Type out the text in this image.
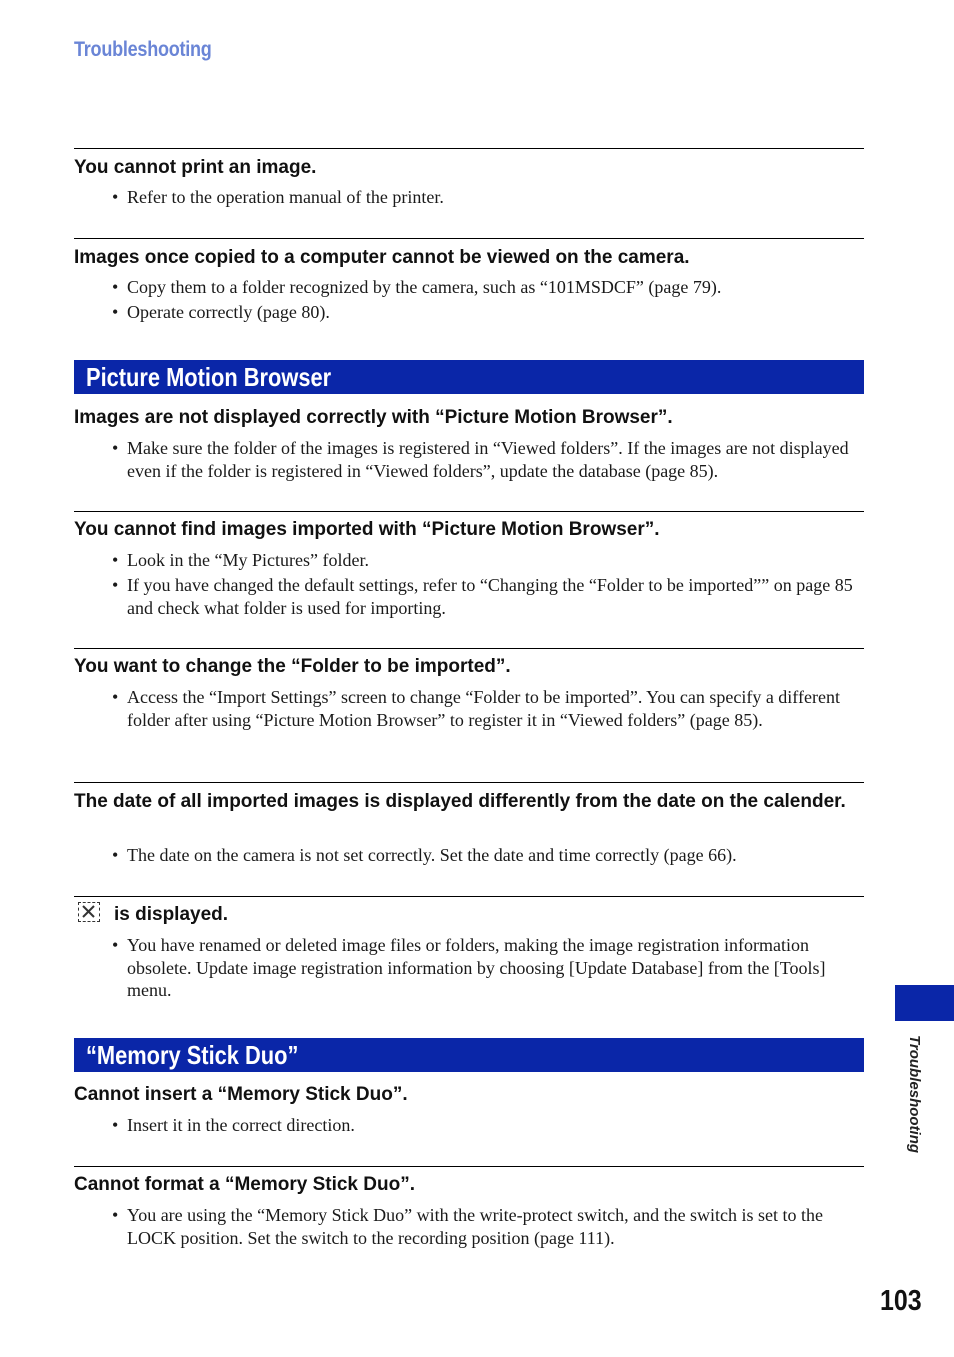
Troubleshooting
You cannot print an image.
• Refer to the operation manual of the printer.
Images once copied to a computer cannot be viewed on the camera.
• Copy them to a folder recognized by the camera, such as “101MSDCF” (page 79).
• Operate correctly (page 80).
Picture Motion Browser
Images are not displayed correctly with “Picture Motion Browser”.
• Make sure the folder of the images is registered in “Viewed folders”. If the images are not displayed even if the folder is registered in “Viewed folders”, update the database (page 85).
You cannot find images imported with “Picture Motion Browser”.
• Look in the “My Pictures” folder.
• If you have changed the default settings, refer to “Changing the “Folder to be imported”” on page 85 and check what folder is used for importing.
You want to change the “Folder to be imported”.
• Access the “Import Settings” screen to change “Folder to be imported”. You can specify a different folder after using “Picture Motion Browser” to register it in “Viewed folders” (page 85).
The date of all imported images is displayed differently from the date on the calender.
• The date on the camera is not set correctly. Set the date and time correctly (page 66).
is displayed.
• You have renamed or deleted image files or folders, making the image registration information obsolete. Update image registration information by choosing [Update Database] from the [Tools] menu.
“Memory Stick Duo”
Cannot insert a “Memory Stick Duo”.
• Insert it in the correct direction.
Cannot format a “Memory Stick Duo”.
• You are using the “Memory Stick Duo” with the write-protect switch, and the switch is set to the LOCK position. Set the switch to the recording position (page 111).
Troubleshooting
103
